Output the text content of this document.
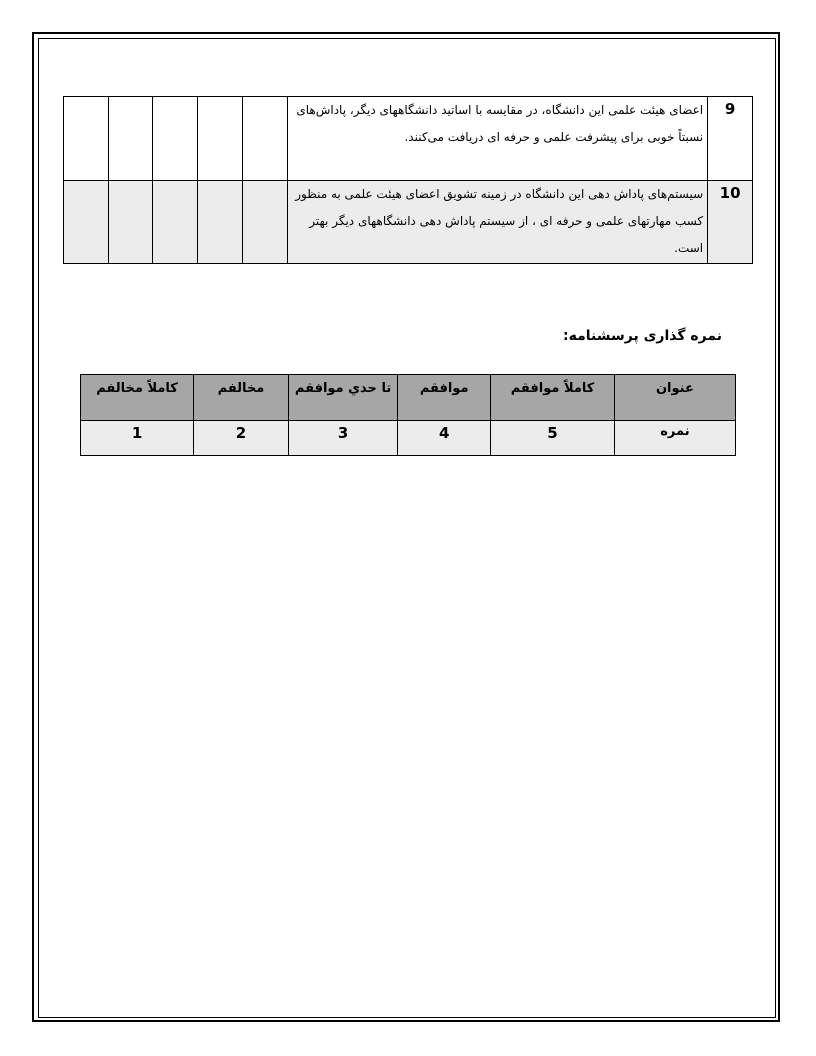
9	اعضای هیئت علمی این دانشگاه، در مقایسه با اساتید دانشگاههای دیگر، پاداش‌های نسبتاً خوبی برای پیشرفت علمی و حرفه ای دریافت می‌کنند.					
10	سیستم‌های پاداش دهی این دانشگاه در زمینه تشویق اعضای هیئت علمی به منظور کسب مهارتهای علمی و حرفه ای ، از سیستم پاداش دهی دانشگاههای دیگر بهتر است.					
نمره گذاری پرسشنامه:
عنوان	کاملاً موافقم	موافقم	تا حدي موافقم	مخالفم	کاملاً مخالفم
نمره	5	4	3	2	1
